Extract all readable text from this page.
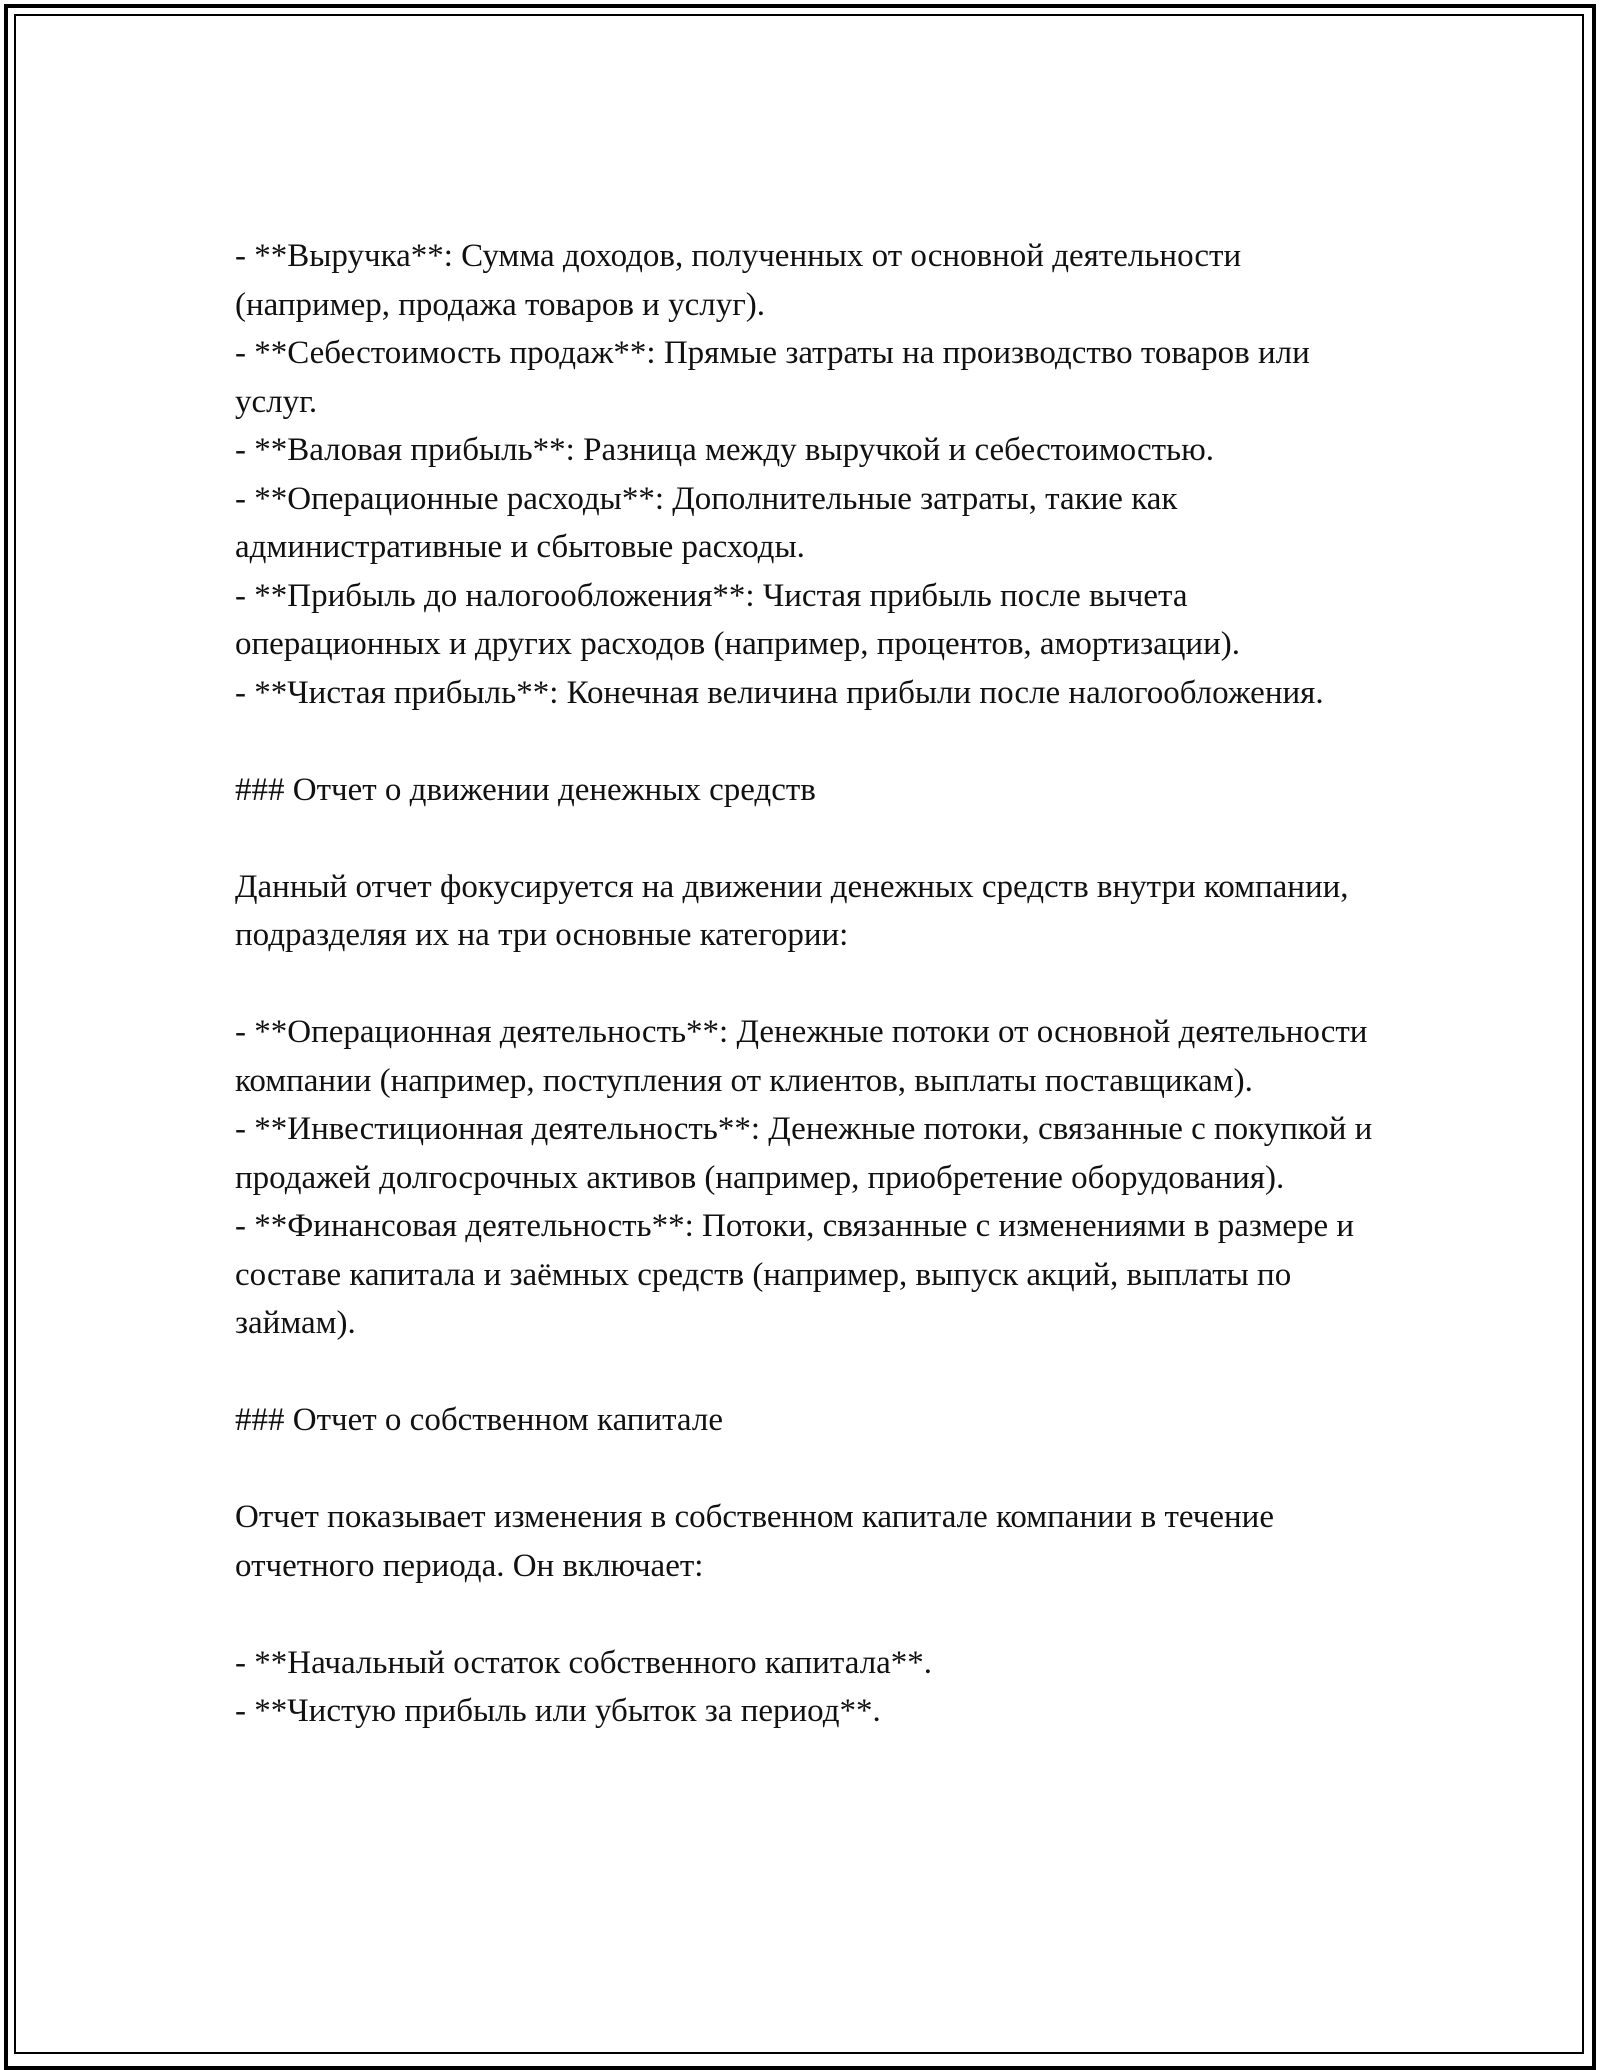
- **Выручка**: Сумма доходов, полученных от основной деятельности (например, продажа товаров и услуг).

- **Себестоимость продаж**: Прямые затраты на производство товаров или услуг.

- **Валовая прибыль**: Разница между выручкой и себестоимостью.

- **Операционные расходы**: Дополнительные затраты, такие как административные и сбытовые расходы.

- **Прибыль до налогообложения**: Чистая прибыль после вычета операционных и других расходов (например, процентов, амортизации).

- **Чистая прибыль**: Конечная величина прибыли после налогообложения.

### Отчет о движении денежных средств

Данный отчет фокусируется на движении денежных средств внутри компании, подразделяя их на три основные категории:

- **Операционная деятельность**: Денежные потоки от основной деятельности компании (например, поступления от клиентов, выплаты поставщикам).

- **Инвестиционная деятельность**: Денежные потоки, связанные с покупкой и продажей долгосрочных активов (например, приобретение оборудования).

- **Финансовая деятельность**: Потоки, связанные с изменениями в размере и составе капитала и заёмных средств (например, выпуск акций, выплаты по займам).

### Отчет о собственном капитале

Отчет показывает изменения в собственном капитале компании в течение отчетного периода. Он включает:

- **Начальный остаток собственного капитала**.

- **Чистую прибыль или убыток за период**.
